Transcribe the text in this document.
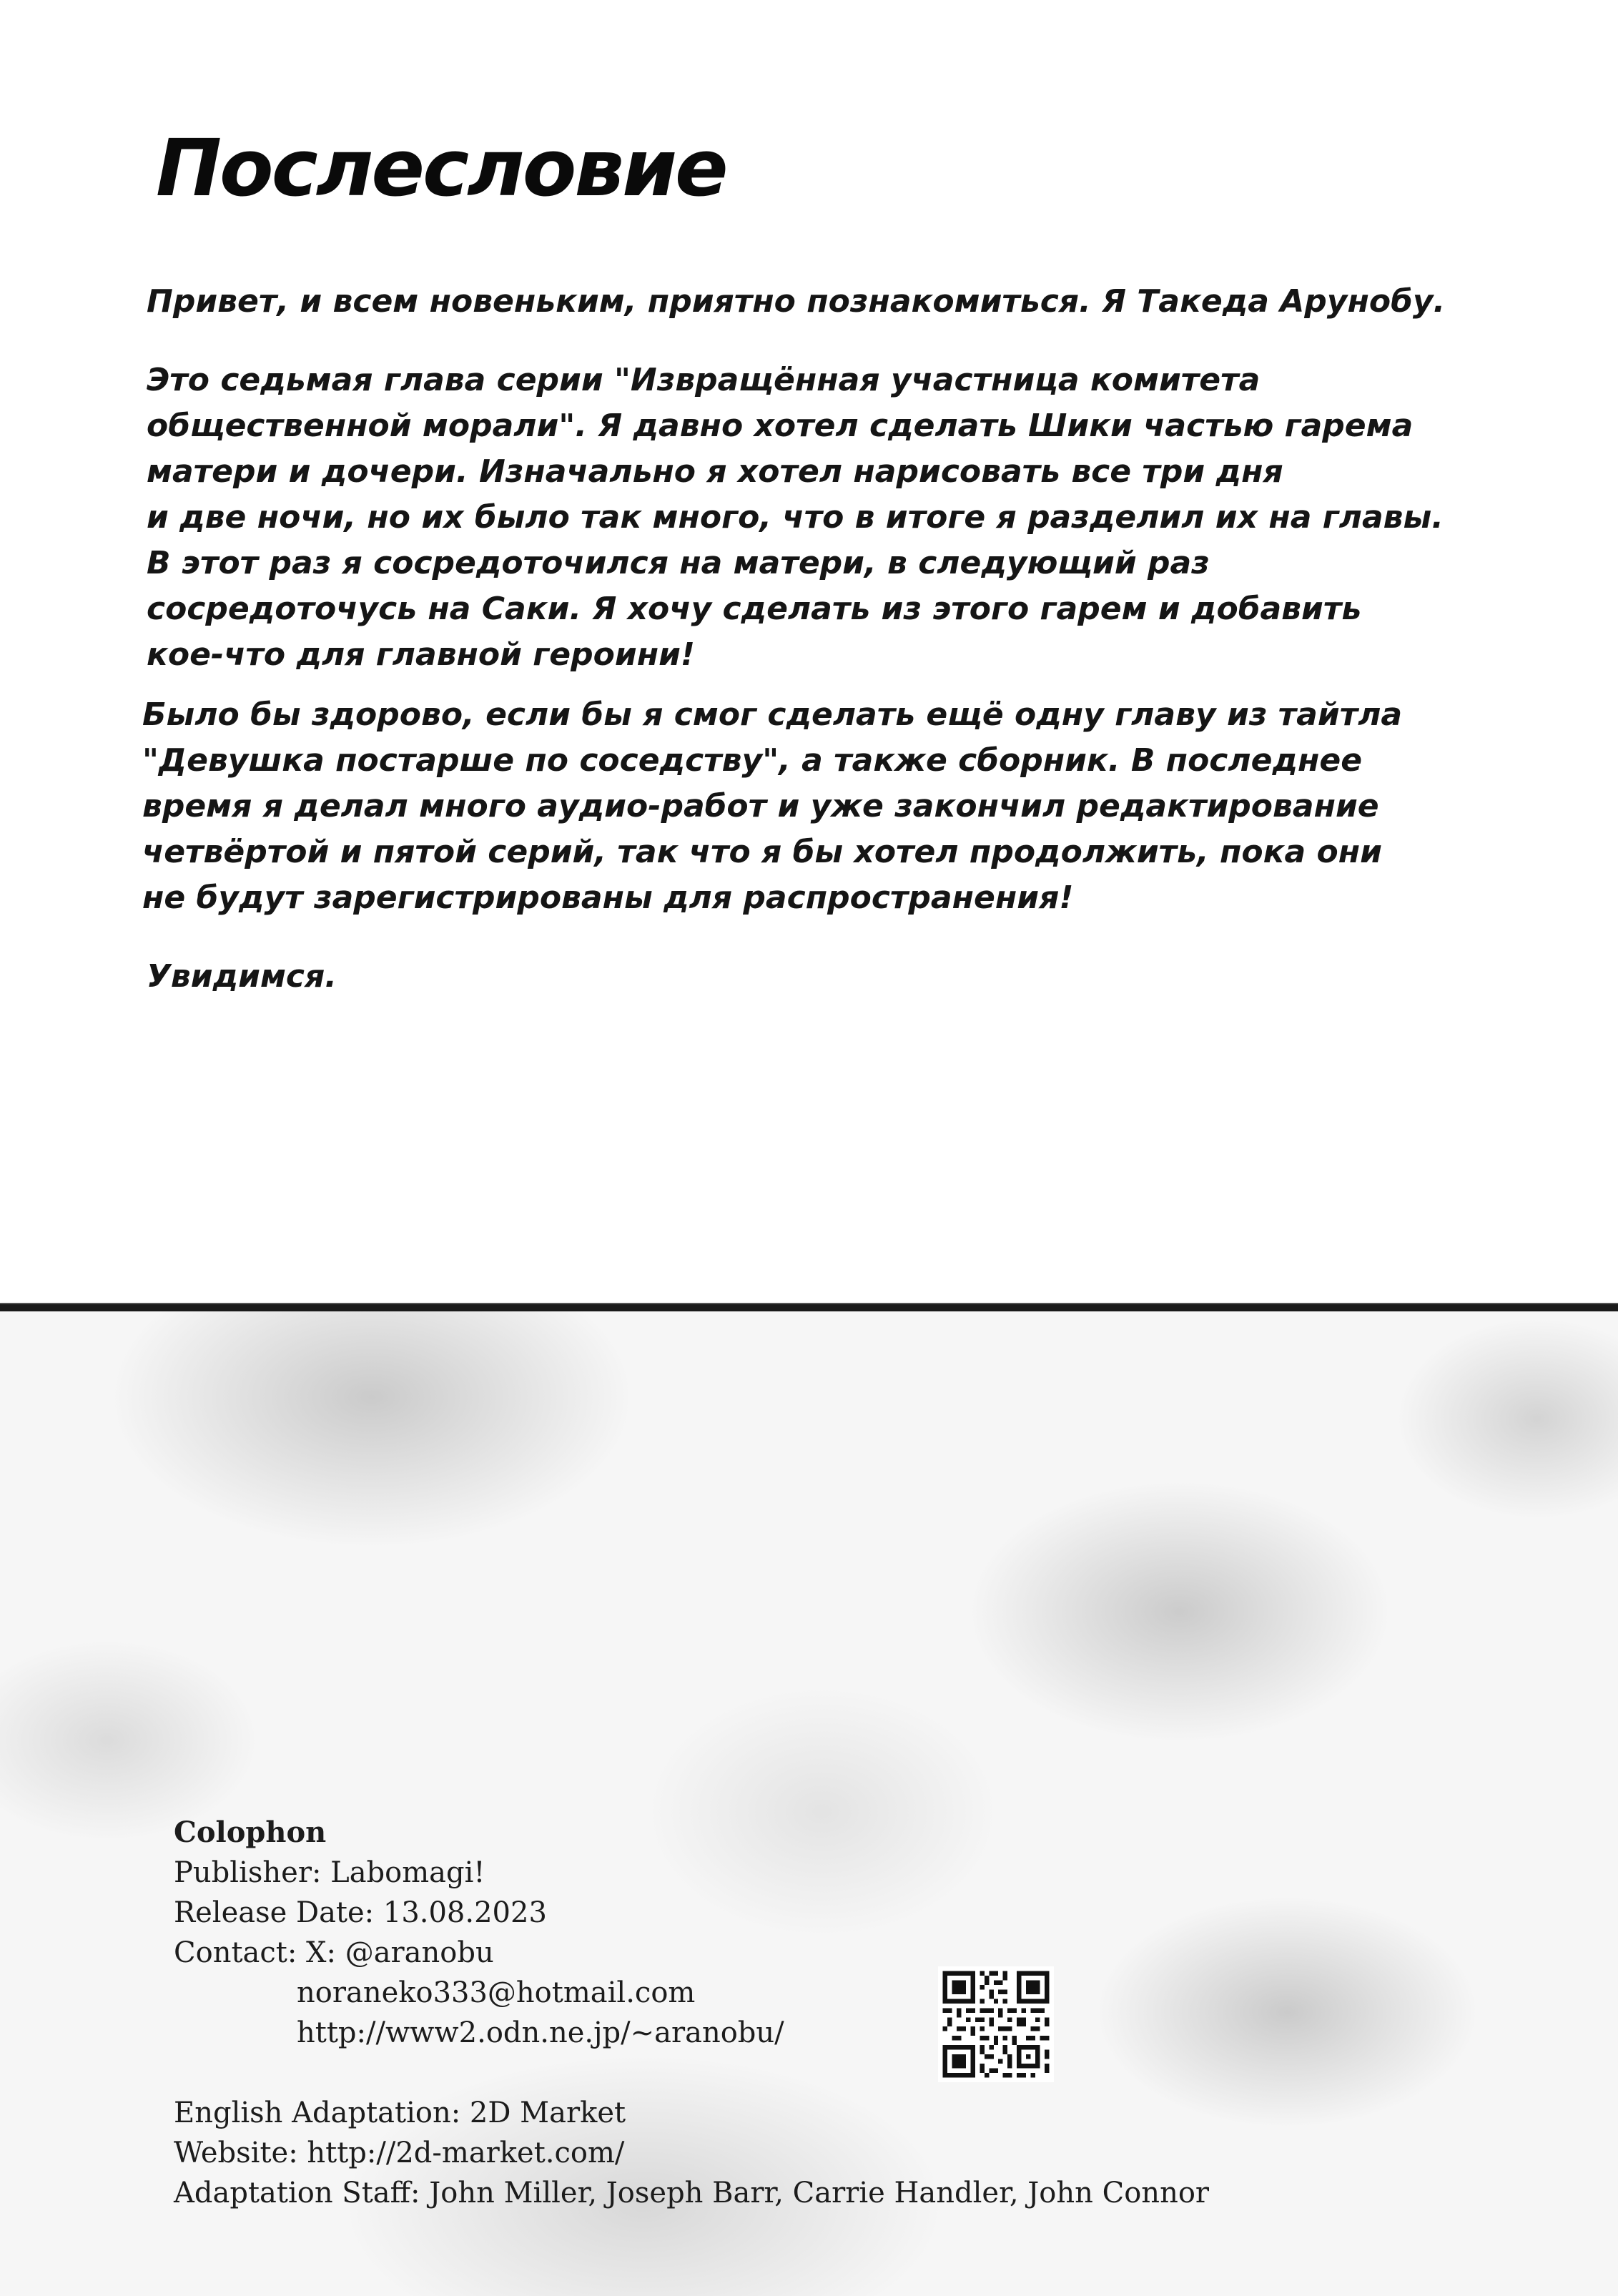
Послесловие

Привет, и всем новеньким, приятно познакомиться. Я Такеда Арунобу.

Это седьмая глава серии "Извращённая участница комитета
общественной морали". Я давно хотел сделать Шики частью гарема
матери и дочери. Изначально я хотел нарисовать все три дня
и две ночи, но их было так много, что в итоге я разделил их на главы.
В этот раз я сосредоточился на матери, в следующий раз
сосредоточусь на Саки. Я хочу сделать из этого гарем и добавить
кое-что для главной героини!

Было бы здорово, если бы я смог сделать ещё одну главу из тайтла
"Девушка постарше по соседству", а также сборник. В последнее
время я делал много аудио-работ и уже закончил редактирование
четвёртой и пятой серий, так что я бы хотел продолжить, пока они
не будут зарегистрированы для распространения!

Увидимся.

Colophon
Publisher: Labomagi!
Release Date: 13.08.2023
Contact: X: @aranobu
noraneko333@hotmail.com
http://www2.odn.ne.jp/~aranobu/
English Adaptation: 2D Market
Website: http://2d-market.com/
Adaptation Staff: John Miller, Joseph Barr, Carrie Handler, John Connor
